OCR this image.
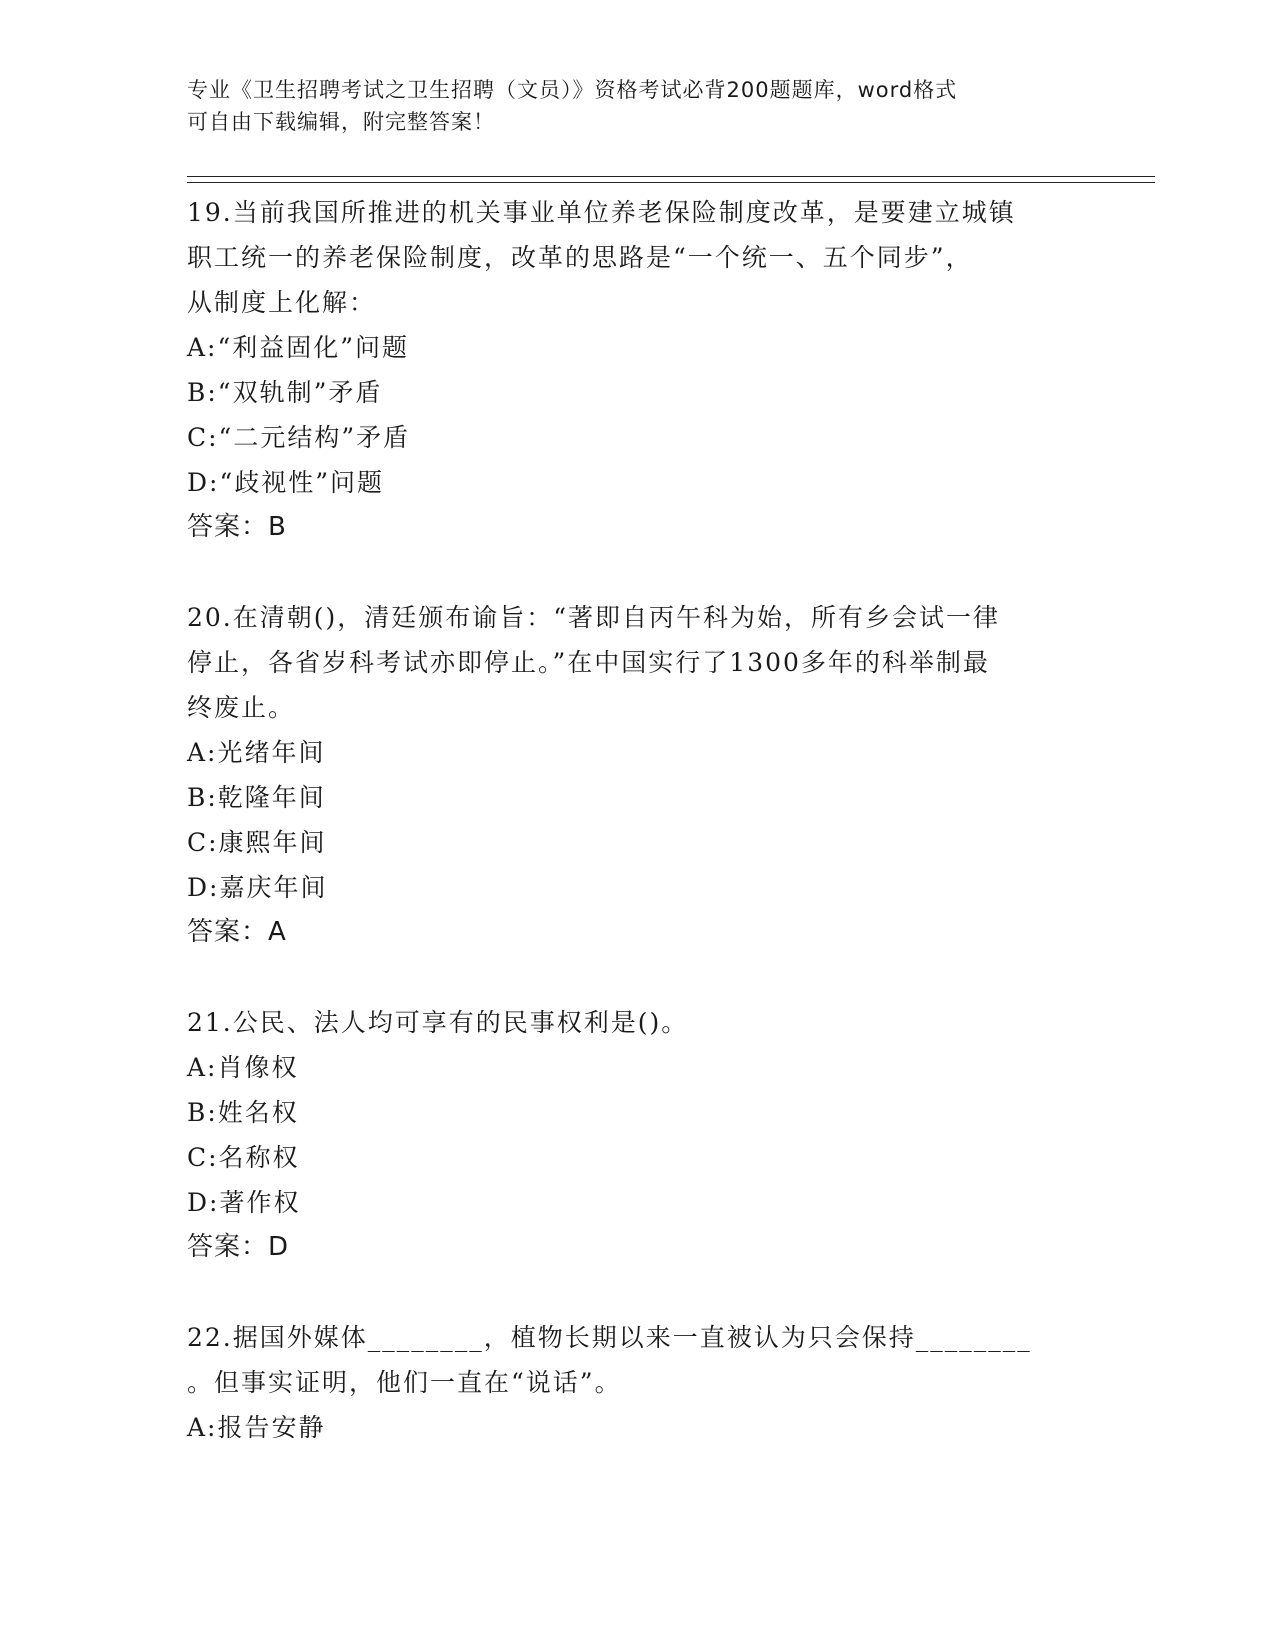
专业《卫生招聘考试之卫生招聘（文员）》资格考试必背200题题库，word格式
可自由下载编辑，附完整答案！
19.当前我国所推进的机关事业单位养老保险制度改革，是要建立城镇
职工统一的养老保险制度，改革的思路是“一个统一、五个同步”，
从制度上化解：
A:“利益固化”问题
B:“双轨制”矛盾
C:“二元结构”矛盾
D:“歧视性”问题
答案：B
20.在清朝()，清廷颁布谕旨：“著即自丙午科为始，所有乡会试一律
停止，各省岁科考试亦即停止。”在中国实行了1300多年的科举制最
终废止。
A:光绪年间
B:乾隆年间
C:康熙年间
D:嘉庆年间
答案：A
21.公民、法人均可享有的民事权利是()。
A:肖像权
B:姓名权
C:名称权
D:著作权
答案：D
22.据国外媒体________，植物长期以来一直被认为只会保持________
。但事实证明，他们一直在“说话”。
A:报告安静
